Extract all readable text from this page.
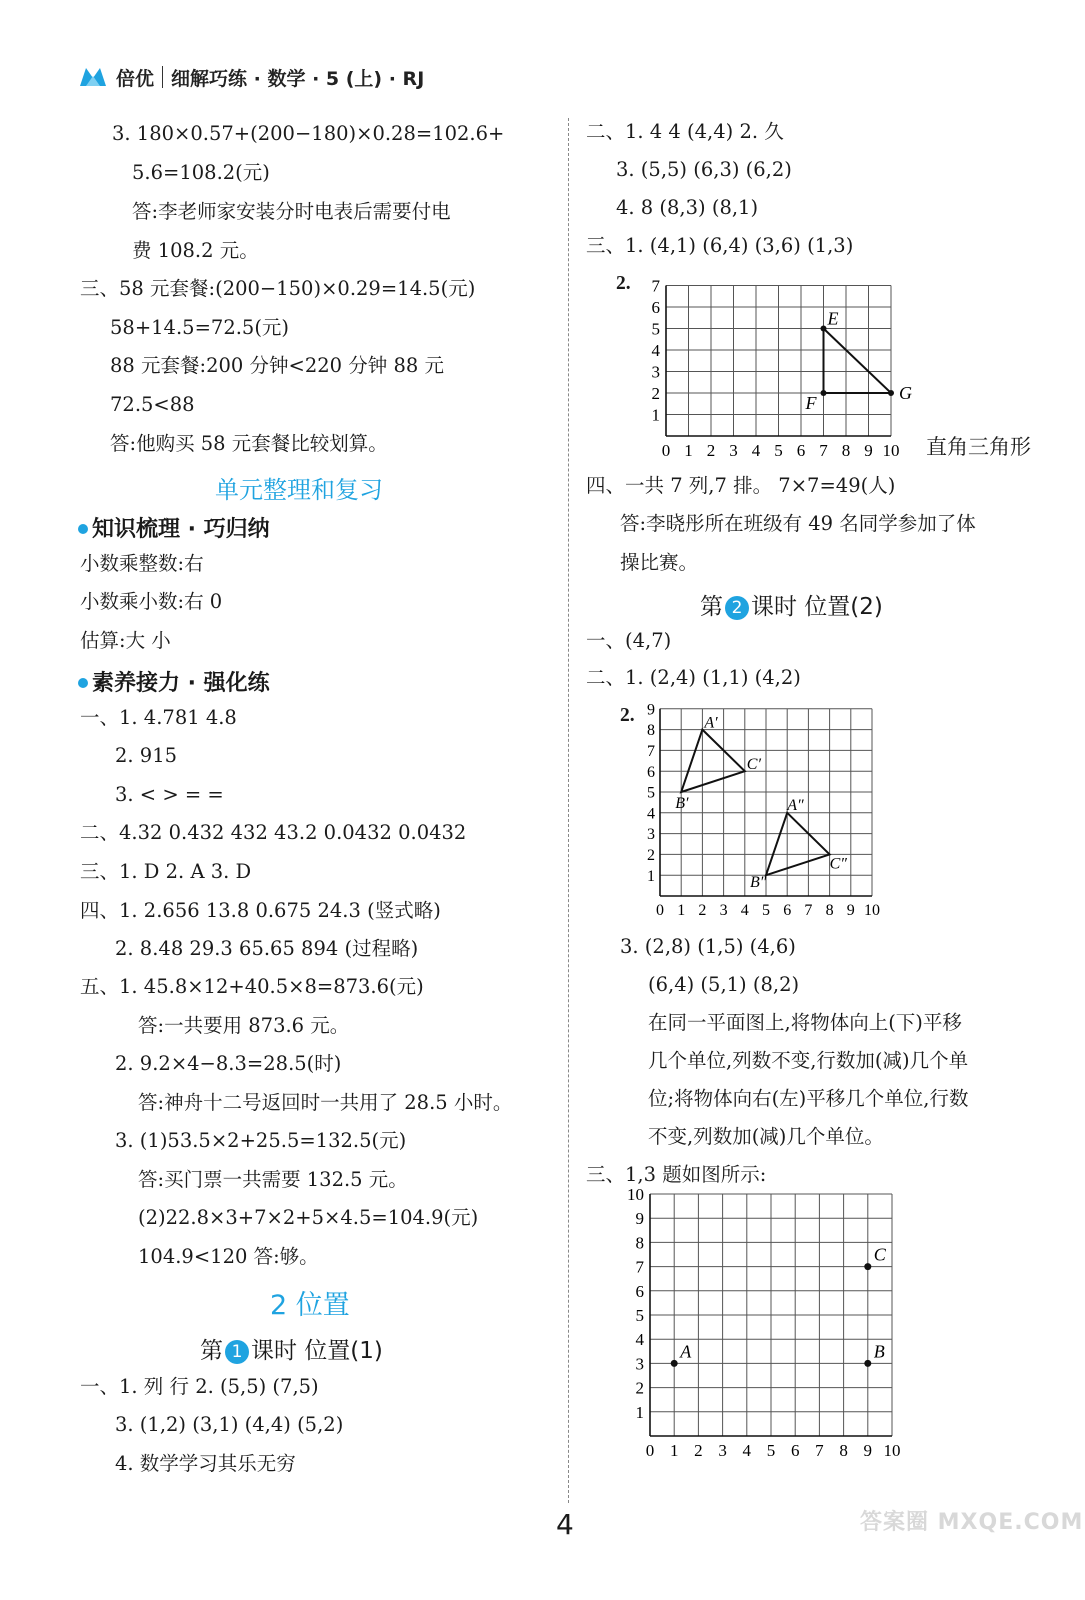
倍优 细解巧练 · 数学 · 5 (上) · RJ
3. 180×0.57+(200−180)×0.28=102.6+
5.6=108.2(元)
答:李老师家安装分时电表后需要付电
费 108.2 元。
三、58 元套餐:(200−150)×0.29=14.5(元)
58+14.5=72.5(元)
88 元套餐:200 分钟<220 分钟 88 元
72.5<88
答:他购买 58 元套餐比较划算。
单元整理和复习
知识梳理 · 巧归纳
小数乘整数:右
小数乘小数:右 0
估算:大 小
素养接力 · 强化练
一、1. 4.781 4.8
2. 915
3. < > = =
二、4.32 0.432 432 43.2 0.0432 0.0432
三、1. D 2. A 3. D
四、1. 2.656 13.8 0.675 24.3 (竖式略)
2. 8.48 29.3 65.65 894 (过程略)
五、1. 45.8×12+40.5×8=873.6(元)
答:一共要用 873.6 元。
2. 9.2×4−8.3=28.5(时)
答:神舟十二号返回时一共用了 28.5 小时。
3. (1)53.5×2+25.5=132.5(元)
答:买门票一共需要 132.5 元。
(2)22.8×3+7×2+5×4.5=104.9(元)
104.9<120 答:够。
2 位置
第 1 课时 位置(1)
一、1. 列 行 2. (5,5) (7,5)
3. (1,2) (3,1) (4,4) (5,2)
4. 数学学习其乐无穷
二、1. 4 4 (4,4) 2. 久
3. (5,5) (6,3) (6,2)
4. 8 (8,3) (8,1)
三、1. (4,1) (6,4) (3,6) (1,3)
2.
0 1 2 3 4 5 6 7 8 9 10
1
2
3
4
5
6
7
E
F	G
直角三角形
四、一共 7 列,7 排。 7×7=49(人)
答:李晓彤所在班级有 49 名同学参加了体
操比赛。
第 2 课时 位置(2)
一、(4,7)
二、1. (2,4) (1,1) (4,2)
2.
0 1 2 3 4 5 6 7 8 9 10
1
2
3
4
5
6
7
8
9
A′
B′
C′
A″
B″
C″
3. (2,8) (1,5) (4,6)
(6,4) (5,1) (8,2)
在同一平面图上,将物体向上(下)平移
几个单位,列数不变,行数加(减)几个单
位;将物体向右(左)平移几个单位,行数
不变,列数加(减)几个单位。
三、1,3 题如图所示:
0 1 2 3 4 5 6 7 8 9 10
1
2
3
4
5
6
7
8
9
10
A	B
C
4	答案圈 MXQE.COM
